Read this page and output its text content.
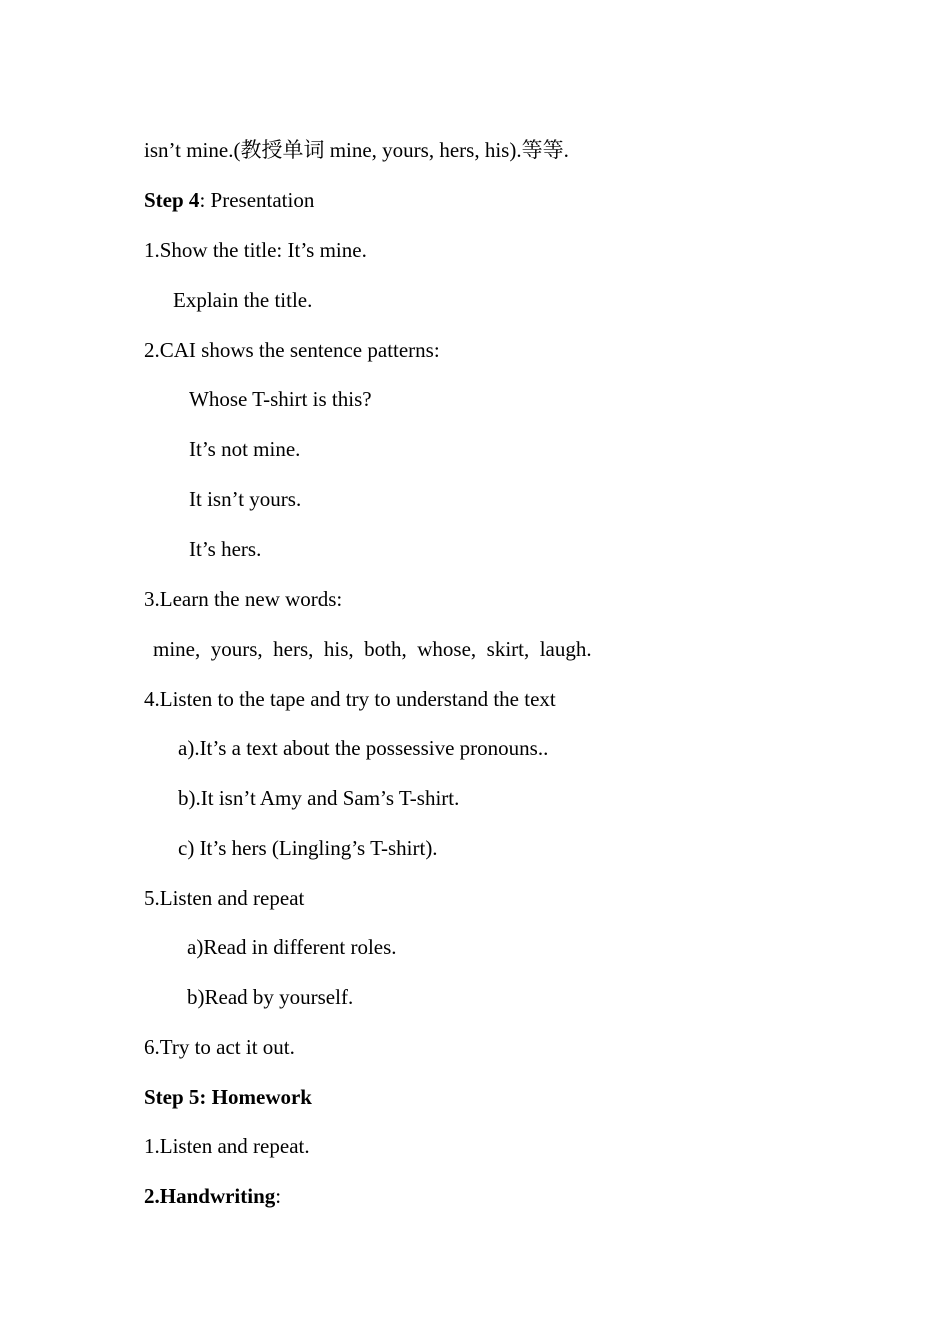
isn’t mine.(教授单词 mine, yours, hers, his).等等.
Step 4: Presentation
1.Show the title: It’s mine.
Explain the title.
2.CAI shows the sentence patterns:
Whose T-shirt is this?
It’s not mine.
It isn’t yours.
It’s hers.
3.Learn the new words:
mine,  yours,  hers,  his,  both,  whose,  skirt,  laugh.
4.Listen to the tape and try to understand the text
a).It’s a text about the possessive pronouns..
b).It isn’t Amy and Sam’s T-shirt.
c) It’s hers (Lingling’s T-shirt).
5.Listen and repeat
a)Read in different roles.
b)Read by yourself.
6.Try to act it out.
Step 5: Homework
1.Listen and repeat.
2.Handwriting:
